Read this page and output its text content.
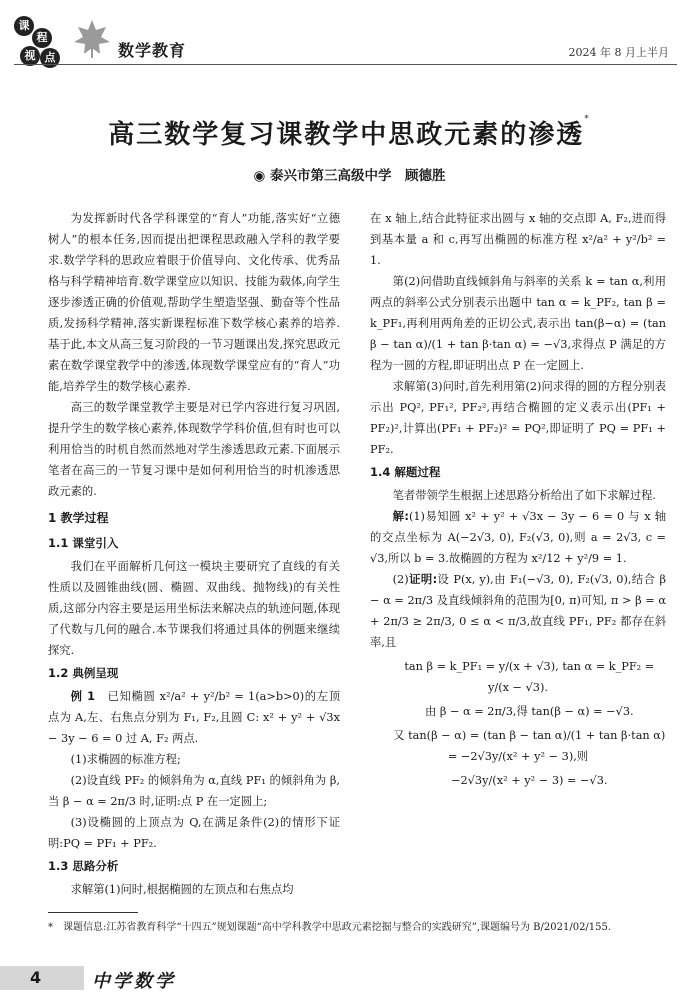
课
程
视 点	数学教育	2024 年 8 月上半月
高三数学复习课教学中思政元素的渗透*
◉ 泰兴市第三高级中学　顾德胜

为发挥新时代各学科课堂的“育人”功能,落实好“立德树人”的根本任务,因而提出把课程思政融入学科的教学要求.数学学科的思政应着眼于价值导向、文化传承、优秀品格与科学精神培育.数学课堂应以知识、技能为载体,向学生逐步渗透正确的价值观,帮助学生塑造坚强、勤奋等个性品质,发扬科学精神,落实新课程标准下数学核心素养的培养.基于此,本文从高三复习阶段的一节习题课出发,探究思政元素在数学课堂教学中的渗透,体现数学课堂应有的“育人”功能,培养学生的数学核心素养.

高三的数学课堂教学主要是对已学内容进行复习巩固,提升学生的数学核心素养,体现数学学科价值,但有时也可以利用恰当的时机自然而然地对学生渗透思政元素.下面展示笔者在高三的一节复习课中是如何利用恰当的时机渗透思政元素的.

1 教学过程
1.1 课堂引入

我们在平面解析几何这一模块主要研究了直线的有关性质以及圆锥曲线(圆、椭圆、双曲线、抛物线)的有关性质,这部分内容主要是运用坐标法来解决点的轨迹问题,体现了代数与几何的融合.本节课我们将通过具体的例题来继续探究.

1.2 典例呈现

例 1　 已知椭圆 x²/a² + y²/b² = 1(a>b>0)的左顶点为 A,左、右焦点分别为 F₁, F₂,且圆 C: x² + y² + √3x − 3y − 6 = 0 过 A, F₂ 两点.

(1)求椭圆的标准方程;

(2)设直线 PF₂ 的倾斜角为 α,直线 PF₁ 的倾斜角为 β,当 β − α = 2π/3 时,证明:点 P 在一定圆上;

(3)设椭圆的上顶点为 Q,在满足条件(2)的情形下证明:PQ = PF₁ + PF₂.

1.3 思路分析

求解第(1)问时,根据椭圆的左顶点和右焦点均

在 x 轴上,结合此特征求出圆与 x 轴的交点即 A, F₂,进而得到基本量 a 和 c,再写出椭圆的标准方程 x²/a² + y²/b² = 1.

第(2)问借助直线倾斜角与斜率的关系 k = tan α,利用两点的斜率公式分别表示出题中 tan α = k_PF₂, tan β = k_PF₁,再利用两角差的正切公式,表示出 tan(β−α) = (tan β − tan α)/(1 + tan β·tan α) = −√3,求得点 P 满足的方程为一圆的方程,即证明出点 P 在一定圆上.

求解第(3)问时,首先利用第(2)问求得的圆的方程分别表示出 PQ², PF₁², PF₂²,再结合椭圆的定义表示出(PF₁ + PF₂)²,计算出(PF₁ + PF₂)² = PQ²,即证明了 PQ = PF₁ + PF₂.

1.4 解题过程

笔者带领学生根据上述思路分析给出了如下求解过程.

解:(1)易知圆 x² + y² + √3x − 3y − 6 = 0 与 x 轴的交点坐标为 A(−2√3, 0), F₂(√3, 0),则 a = 2√3, c = √3,所以 b = 3.故椭圆的方程为 x²/12 + y²/9 = 1.

(2)证明:设 P(x, y),由 F₁(−√3, 0), F₂(√3, 0),结合 β − α = 2π/3 及直线倾斜角的范围为[0, π)可知, π > β = α + 2π/3 ≥ 2π/3, 0 ≤ α < π/3,故直线 PF₁, PF₂ 都存在斜率,且

tan β = k_PF₁ = y/(x + √3), tan α = k_PF₂ = y/(x − √3).

由 β − α = 2π/3,得 tan(β − α) = −√3.

又 tan(β − α) = (tan β − tan α)/(1 + tan β·tan α) = −2√3y/(x² + y² − 3),则

−2√3y/(x² + y² − 3) = −√3.

*　课题信息:江苏省教育科学“十四五”规划课题“高中学科教学中思政元素挖掘与整合的实践研究”,课题编号为 B/2021/02/155.
4	中学数学
